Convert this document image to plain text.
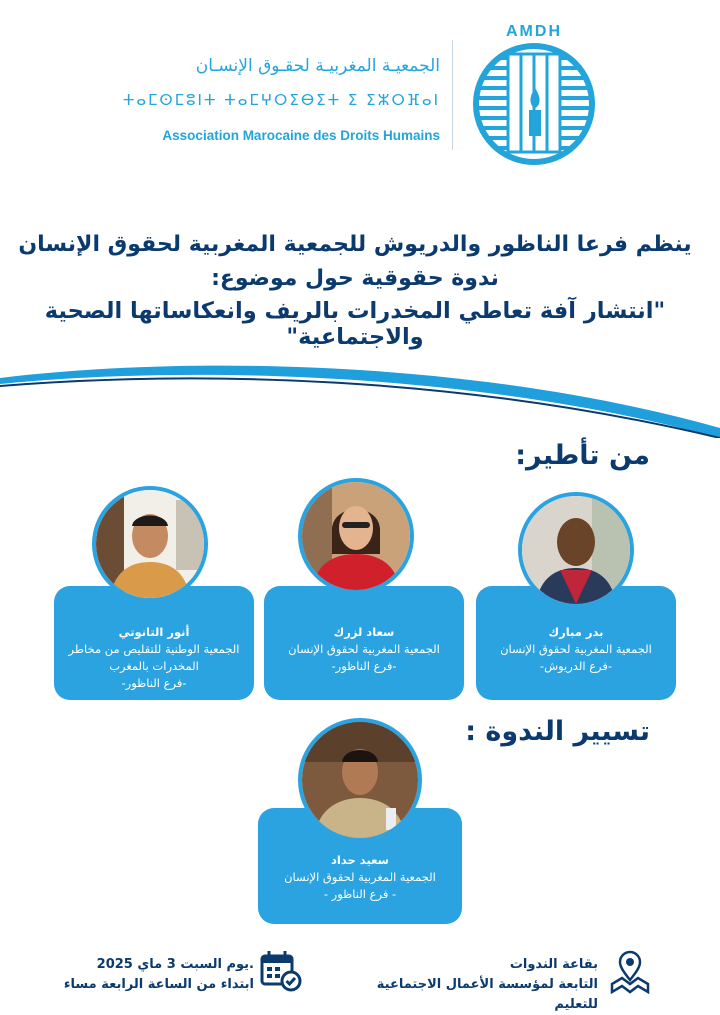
AMDH
الجمعيـة المغربيـة لحقـوق الإنسـان
ⵜⴰⵎⵙⵎⵓⵏⵜ ⵜⴰⵎⵖⵔⵉⴱⵉⵜ ⵉ ⵉⵣⵔⴼⴰⵏ
Association Marocaine des Droits Humains
ينظم فرعا الناظور والدريوش للجمعية المغربية لحقوق الإنسان
ندوة حقوقية حول موضوع:
"انتشار آفة تعاطي المخدرات بالريف وانعكاساتها الصحية والاجتماعية"
من تأطير:
بدر مبارك
الجمعية المغربية لحقوق الإنسان
-فرع الدريوش-
سعاد لزرك
الجمعية المغربية لحقوق الإنسان
-فرع الناظور-
أنور التانوتي
الجمعية الوطنية للتقليص من مخاطر المخدرات بالمغرب
-فرع الناظور-
تسيير الندوة :
سعيد حداد
الجمعية المغربية لحقوق الإنسان
- فرع الناظور -
.يوم السبت 3 ماي 2025
ابتداء من الساعة الرابعة مساء
بقاعة الندوات
التابعة لمؤسسة الأعمال الاجتماعية للتعليم
